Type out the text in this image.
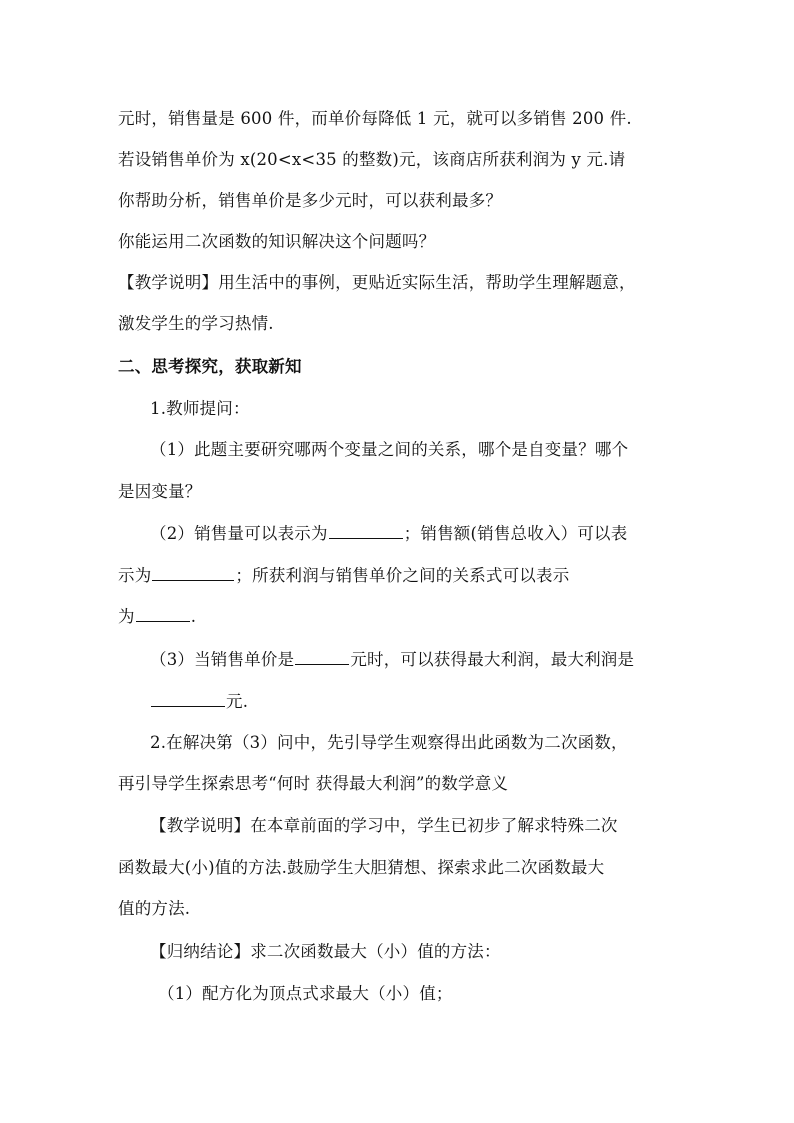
元时，销售量是 600 件，而单价每降低 1 元，就可以多销售 200 件.
若设销售单价为 x(20<x<35 的整数)元，该商店所获利润为 y 元.请
你帮助分析，销售单价是多少元时，可以获利最多？
你能运用二次函数的知识解决这个问题吗？
【教学说明】用生活中的事例，更贴近实际生活，帮助学生理解题意，
激发学生的学习热情.
二、思考探究，获取新知
1.教师提问：
（1）此题主要研究哪两个变量之间的关系，哪个是自变量？哪个
是因变量？
（2）销售量可以表示为	；销售额(销售总收入）可以表
示为	；所获利润与销售单价之间的关系式可以表示
为	.
（3）当销售单价是	元时，可以获得最大利润，最大利润是
元.
2.在解决第（3）问中，先引导学生观察得出此函数为二次函数，
再引导学生探索思考“何时 获得最大利润”的数学意义
【教学说明】在本章前面的学习中，学生已初步了解求特殊二次
函数最大(小)值的方法.鼓励学生大胆猜想、探索求此二次函数最大
值的方法.
【归纳结论】求二次函数最大（小）值的方法：
（1）配方化为顶点式求最大（小）值；
